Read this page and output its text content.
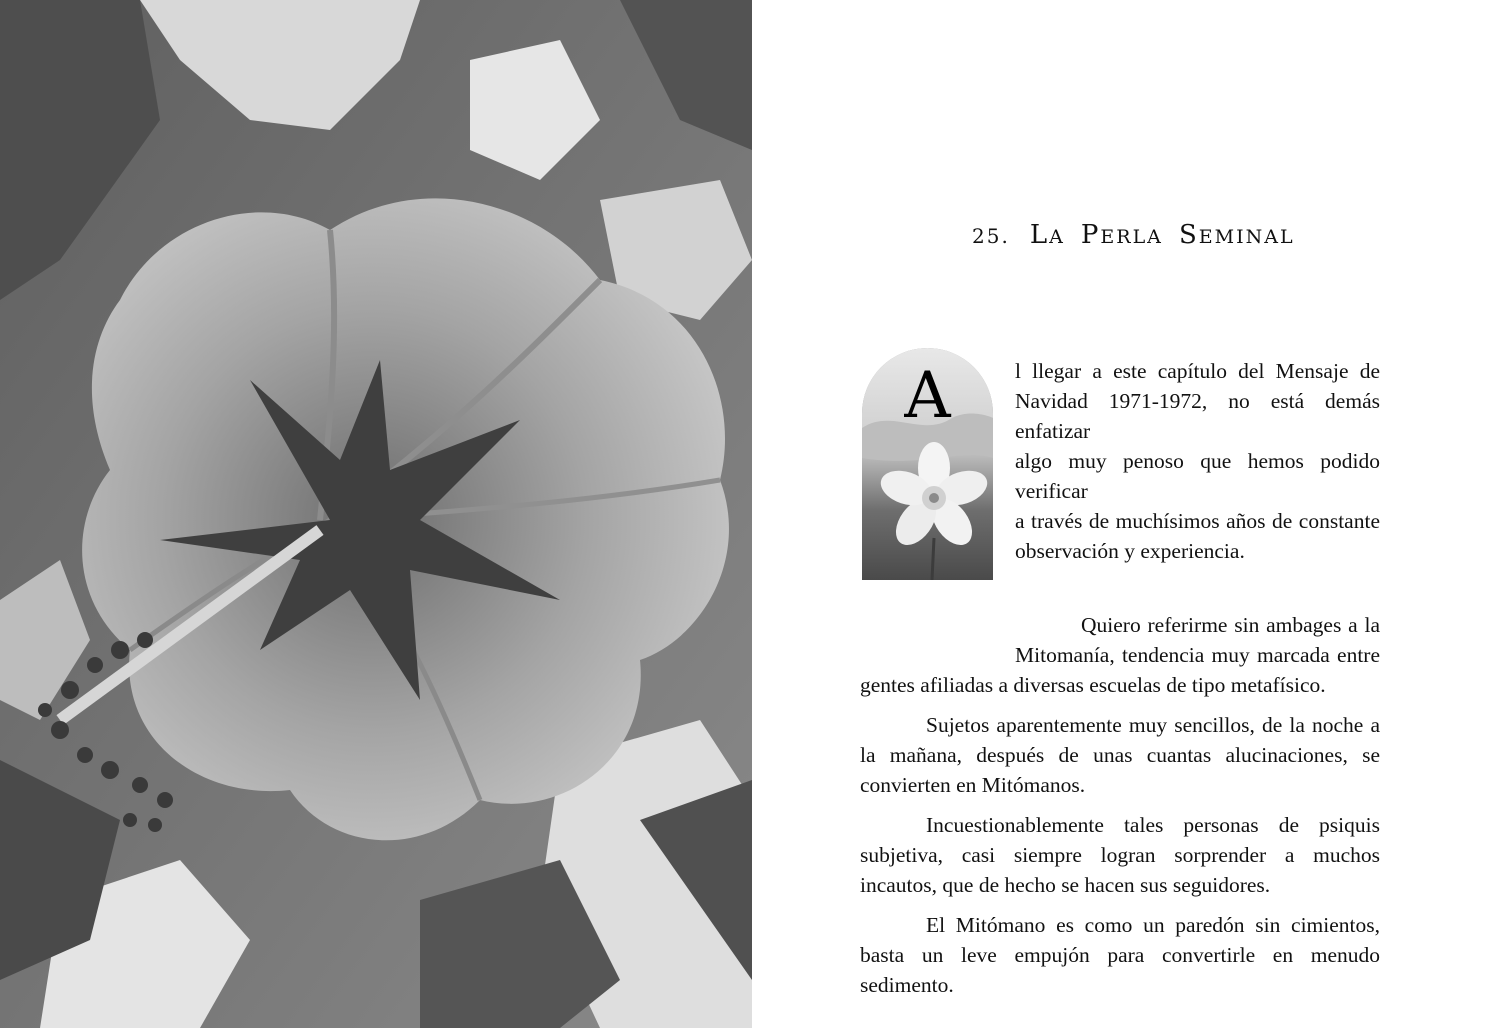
25. LA  PERLA  SEMINAL
A	l llegar a este capítulo del Mensaje de
Navidad 1971-1972, no está demás enfatizar
algo muy penoso que hemos podido verificar
a través de muchísimos años de constante
observación y experiencia.
Quiero referirme sin ambages a la
Mitomanía, tendencia muy marcada entre
gentes afiliadas a diversas escuelas de tipo metafísico.

Sujetos aparentemente muy sencillos, de la noche a la mañana, después de unas cuantas alucinaciones, se convierten en Mitómanos.

Incuestionablemente tales personas de psiquis subjetiva, casi siempre logran sorprender a muchos incautos, que de hecho se hacen sus seguidores.

El Mitómano es como un paredón sin cimientos, basta un leve empujón para convertirle en menudo sedimento.
